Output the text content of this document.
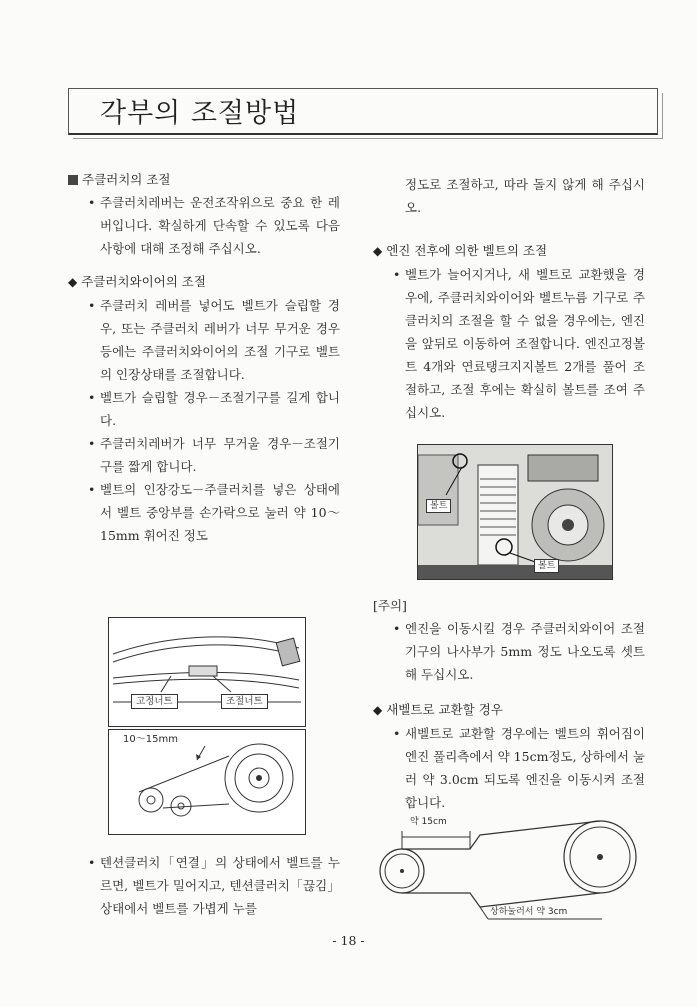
각부의 조절방법
주클러치의 조절
• 주클러치레버는 운전조작위으로 중요 한 레버입니다. 확실하게 단속할 수 있도록 다음 사항에 대해 조정해 주십시오.
◆ 주클러치와이어의 조절
• 주클러치 레버를 넣어도 벨트가 슬립할 경우, 또는 주클러치 레버가 너무 무거운 경우 등에는 주클러치와이어의 조절 기구로 벨트의 인장상태를 조절합니다.
• 벨트가 슬립할 경우－조절기구를 길게 합니다.
• 주클러치레버가 너무 무거울 경우－조절기구를 짧게 합니다.
• 벨트의 인장강도－주클러치를 넣은 상태에서 벨트 중앙부를 손가락으로 눌러 약 10～15mm 휘어진 정도
고정너트	조절너트
10～15mm
• 텐션클러치「연결」의 상태에서 벨트를 누르면, 벨트가 밀어지고, 텐션클러치「끊김」상태에서 벨트를 가볍게 누를
정도로 조절하고, 따라 돌지 않게 해 주십시오.
◆ 엔진 전후에 의한 벨트의 조절
• 벨트가 늘어지거나, 새 벨트로 교환했을 경우에, 주클러치와이어와 벨트누름 기구로 주클러치의 조절을 할 수 없을 경우에는, 엔진을 앞뒤로 이동하여 조절합니다. 엔진고정볼트 4개와 연료탱크지지볼트 2개를 풀어 조절하고, 조절 후에는 확실히 볼트를 조여 주십시오.
볼트
볼트
[주의]
• 엔진을 이동시킬 경우 주클러치와이어 조절기구의 나사부가 5mm 정도 나오도록 셋트해 두십시오.
◆ 새벨트로 교환할 경우
• 새벨트로 교환할 경우에는 벨트의 휘어짐이 엔진 풀리측에서 약 15cm정도, 상하에서 눌러 약 3.0cm 되도록 엔진을 이동시켜 조절합니다.
약 15cm
상하눌러서 약 3cm
- 18 -
